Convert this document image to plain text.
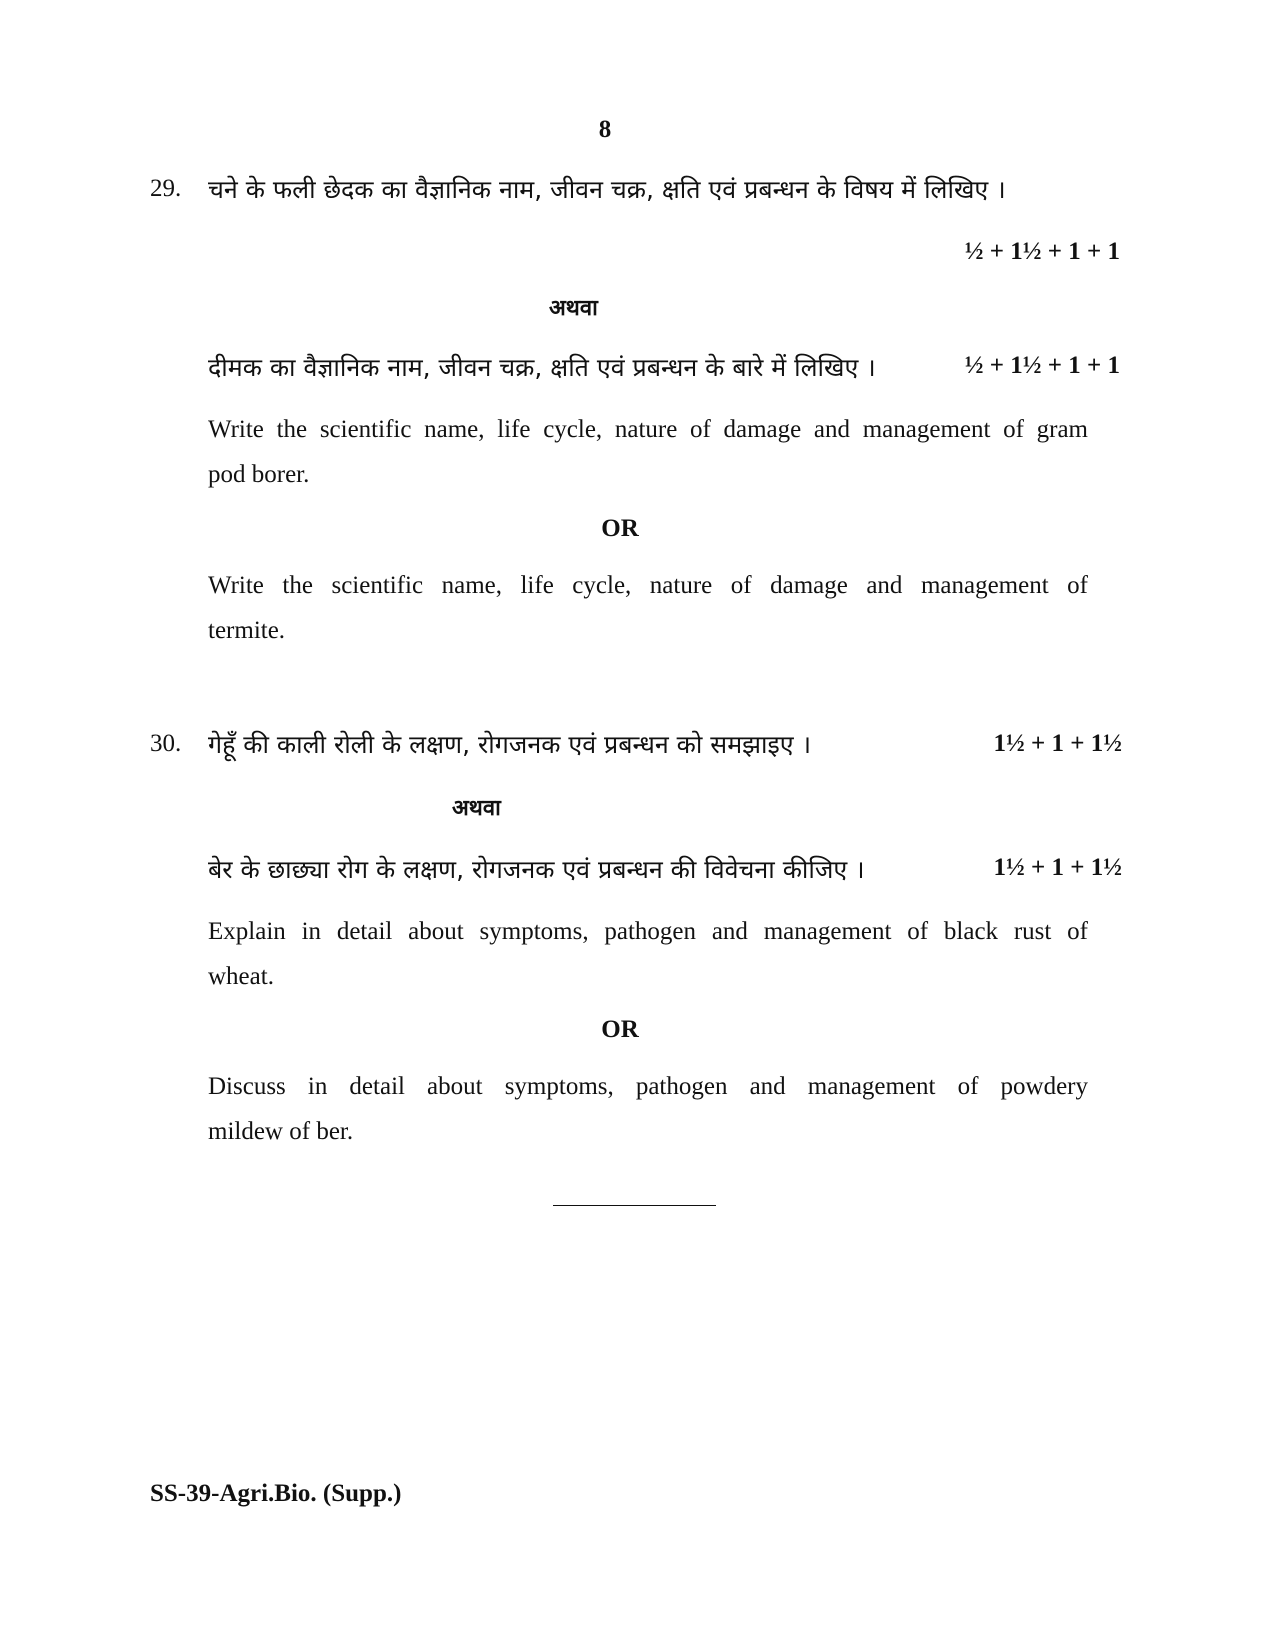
8
29. चने के फली छेदक का वैज्ञानिक नाम, जीवन चक्र, क्षति एवं प्रबन्धन के विषय में लिखिए ।
½ + 1½ + 1 + 1
अथवा
दीमक का वैज्ञानिक नाम, जीवन चक्र, क्षति एवं प्रबन्धन के बारे में लिखिए ।	½ + 1½ + 1 + 1
Write the scientific name, life cycle, nature of damage and management of gram
pod borer.
OR
Write the scientific name, life cycle, nature of damage and management of
termite.
30. गेहूँ की काली रोली के लक्षण, रोगजनक एवं प्रबन्धन को समझाइए ।	1½ + 1 + 1½
अथवा
बेर के छाछ्या रोग के लक्षण, रोगजनक एवं प्रबन्धन की विवेचना कीजिए ।	1½ + 1 + 1½
Explain in detail about symptoms, pathogen and management of black rust of
wheat.
OR
Discuss in detail about symptoms, pathogen and management of powdery
mildew of ber.
SS-39-Agri.Bio. (Supp.)
